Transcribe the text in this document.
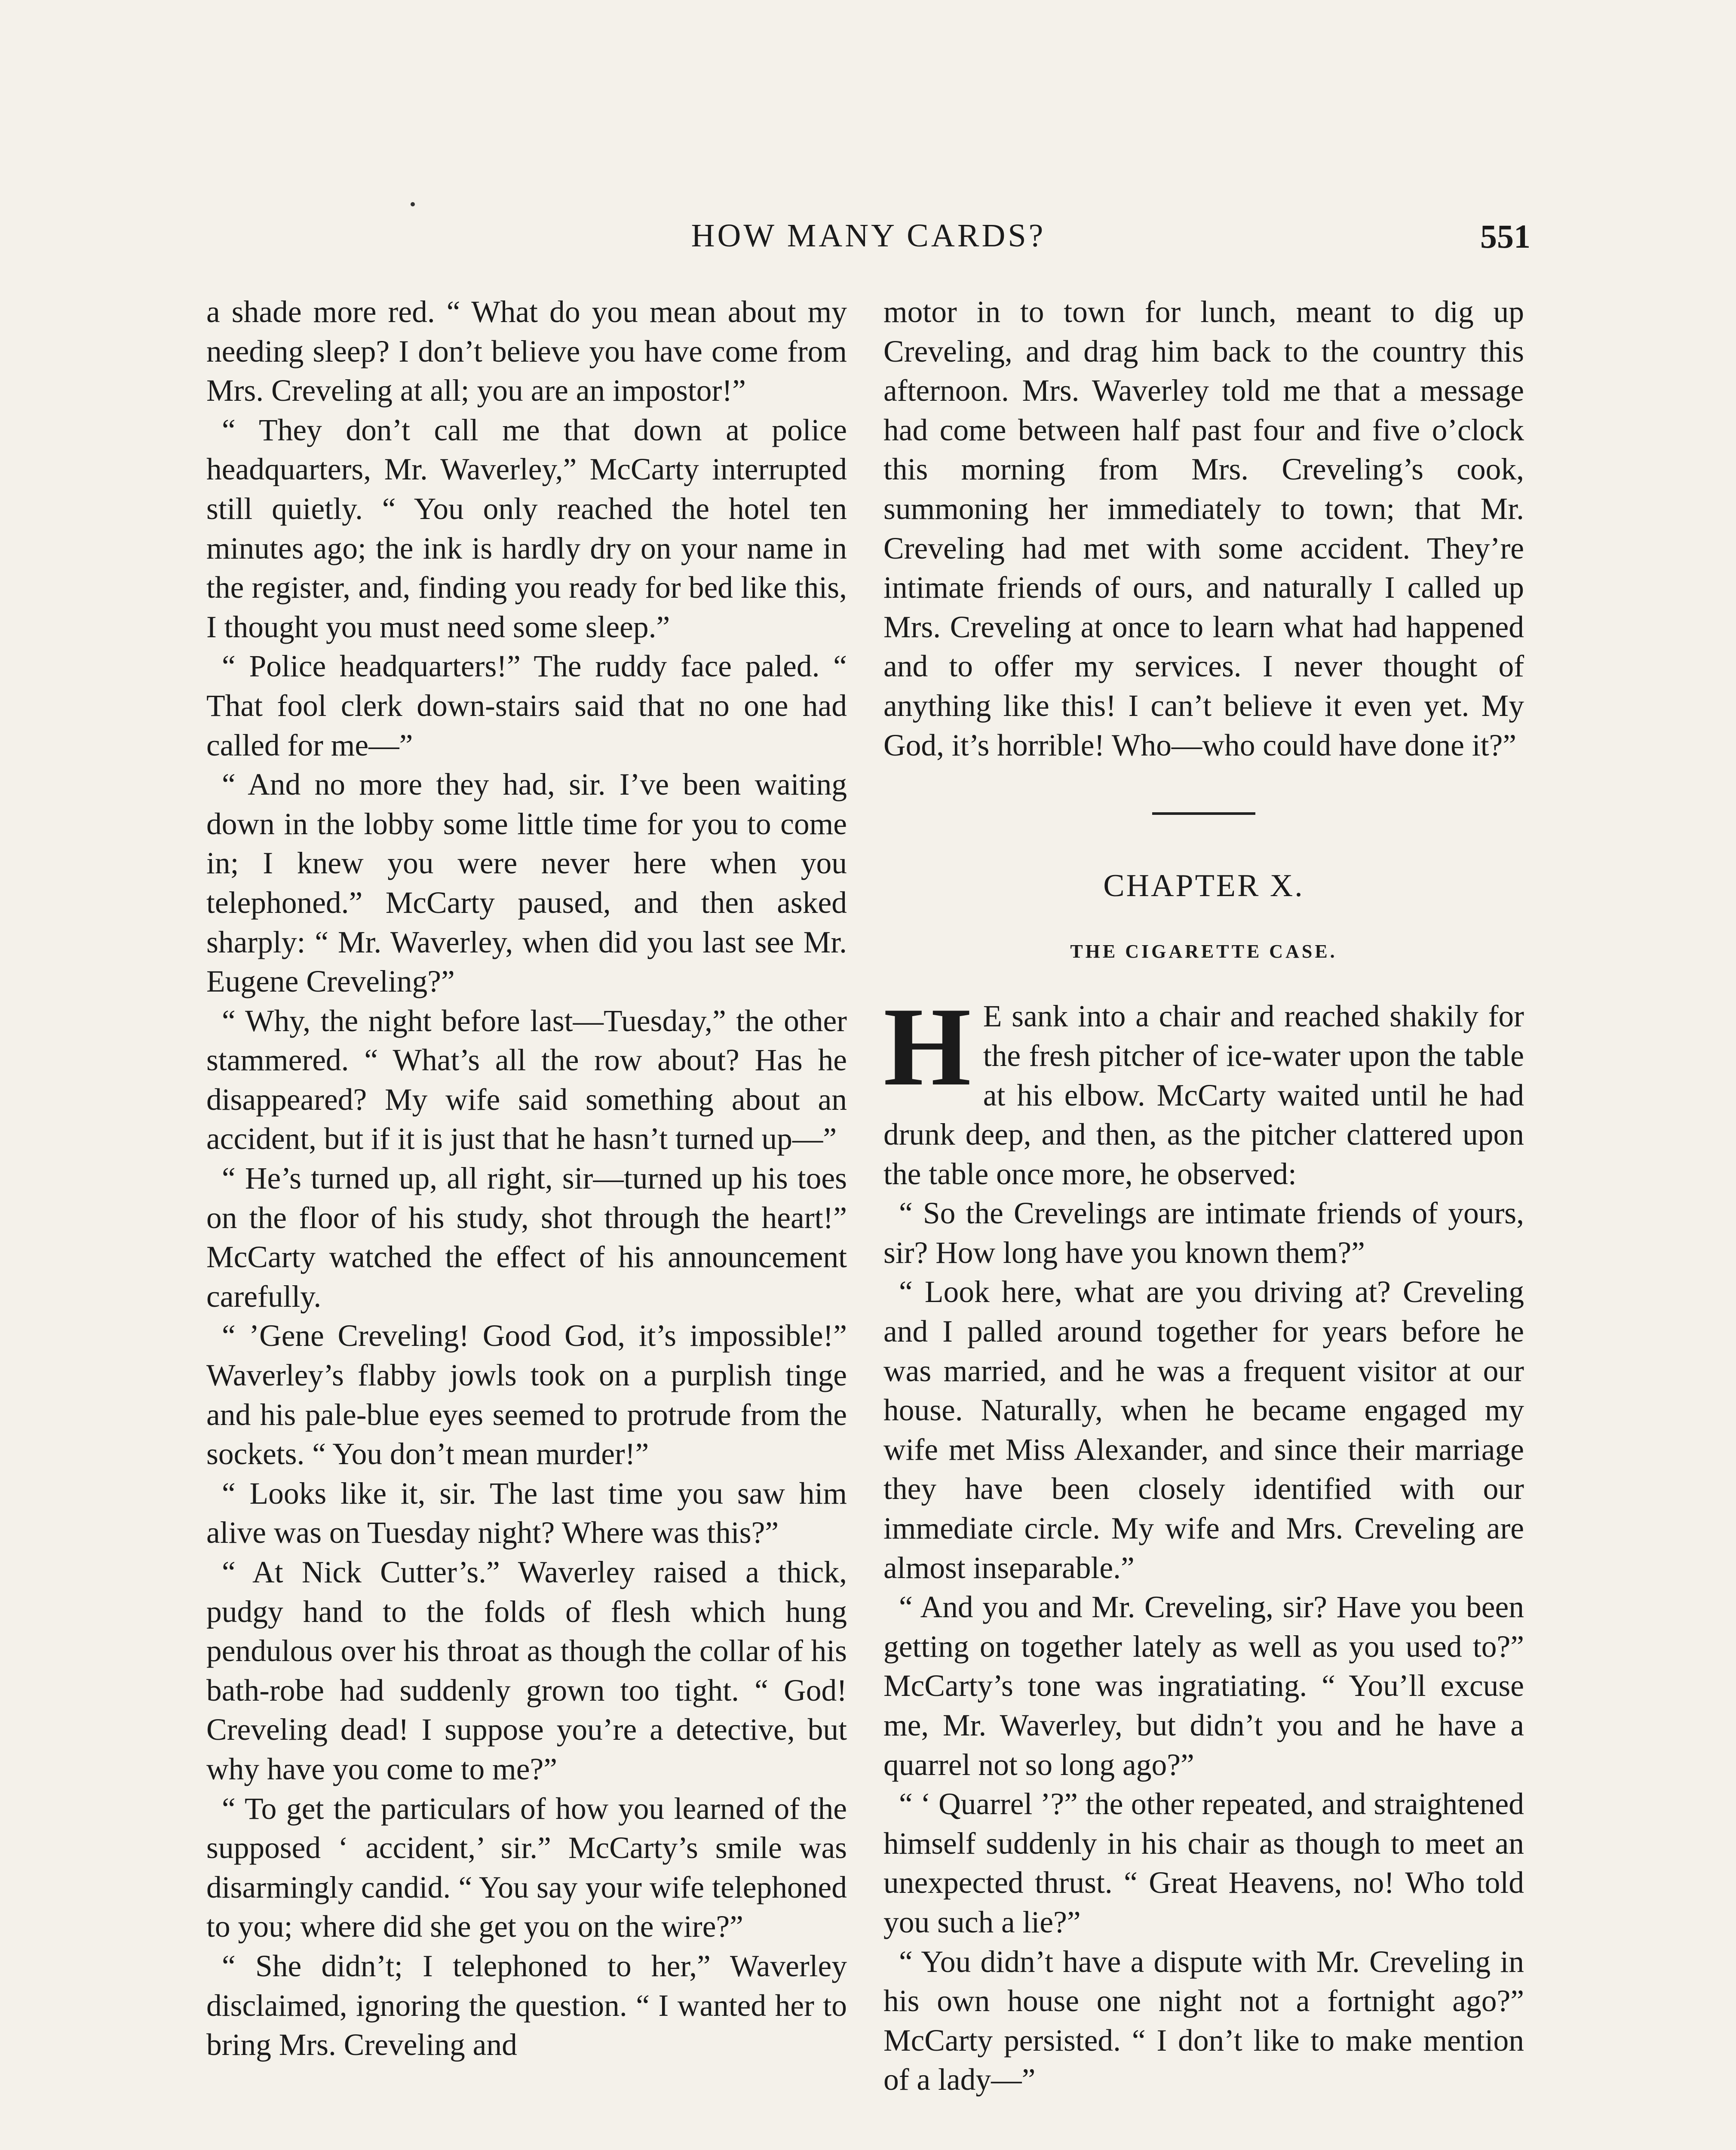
HOW MANY CARDS?	551

a shade more red. “ What do you mean about my needing sleep? I don’t believe you have come from Mrs. Creveling at all; you are an impostor!”

“ They don’t call me that down at police headquarters, Mr. Waverley,” McCarty interrupted still quietly. “ You only reached the hotel ten minutes ago; the ink is hardly dry on your name in the register, and, finding you ready for bed like this, I thought you must need some sleep.”

“ Police headquarters!” The ruddy face paled. “ That fool clerk down-stairs said that no one had called for me—”

“ And no more they had, sir. I’ve been waiting down in the lobby some little time for you to come in; I knew you were never here when you telephoned.” McCarty paused, and then asked sharply: “ Mr. Waverley, when did you last see Mr. Eugene Creveling?”

“ Why, the night before last—Tuesday,” the other stammered. “ What’s all the row about? Has he disappeared? My wife said something about an accident, but if it is just that he hasn’t turned up—”

“ He’s turned up, all right, sir—turned up his toes on the floor of his study, shot through the heart!” McCarty watched the effect of his announcement carefully.

“ ’Gene Creveling! Good God, it’s impossible!” Waverley’s flabby jowls took on a purplish tinge and his pale-blue eyes seemed to protrude from the sockets. “ You don’t mean murder!”

“ Looks like it, sir. The last time you saw him alive was on Tuesday night? Where was this?”

“ At Nick Cutter’s.” Waverley raised a thick, pudgy hand to the folds of flesh which hung pendulous over his throat as though the collar of his bath-robe had suddenly grown too tight. “ God! Creveling dead! I suppose you’re a detective, but why have you come to me?”

“ To get the particulars of how you learned of the supposed ‘ accident,’ sir.” McCarty’s smile was disarmingly candid. “ You say your wife telephoned to you; where did she get you on the wire?”

“ She didn’t; I telephoned to her,” Waverley disclaimed, ignoring the question. “ I wanted her to bring Mrs. Creveling and

motor in to town for lunch, meant to dig up Creveling, and drag him back to the country this afternoon. Mrs. Waverley told me that a message had come between half past four and five o’clock this morning from Mrs. Creveling’s cook, summoning her immediately to town; that Mr. Creveling had met with some accident. They’re intimate friends of ours, and naturally I called up Mrs. Creveling at once to learn what had happened and to offer my services. I never thought of anything like this! I can’t believe it even yet. My God, it’s horrible! Who—who could have done it?”

CHAPTER X.
THE CIGARETTE CASE.

H E sank into a chair and reached shakily for the fresh pitcher of ice-water upon the table at his elbow. McCarty waited until he had drunk deep, and then, as the pitcher clattered upon the table once more, he observed:

“ So the Crevelings are intimate friends of yours, sir? How long have you known them?”

“ Look here, what are you driving at? Creveling and I palled around together for years before he was married, and he was a frequent visitor at our house. Naturally, when he became engaged my wife met Miss Alexander, and since their marriage they have been closely identified with our immediate circle. My wife and Mrs. Creveling are almost inseparable.”

“ And you and Mr. Creveling, sir? Have you been getting on together lately as well as you used to?” McCarty’s tone was ingratiating. “ You’ll excuse me, Mr. Waverley, but didn’t you and he have a quarrel not so long ago?”

“ ‘ Quarrel ’?” the other repeated, and straightened himself suddenly in his chair as though to meet an unexpected thrust. “ Great Heavens, no! Who told you such a lie?”

“ You didn’t have a dispute with Mr. Creveling in his own house one night not a fortnight ago?” McCarty persisted. “ I don’t like to make mention of a lady—”
